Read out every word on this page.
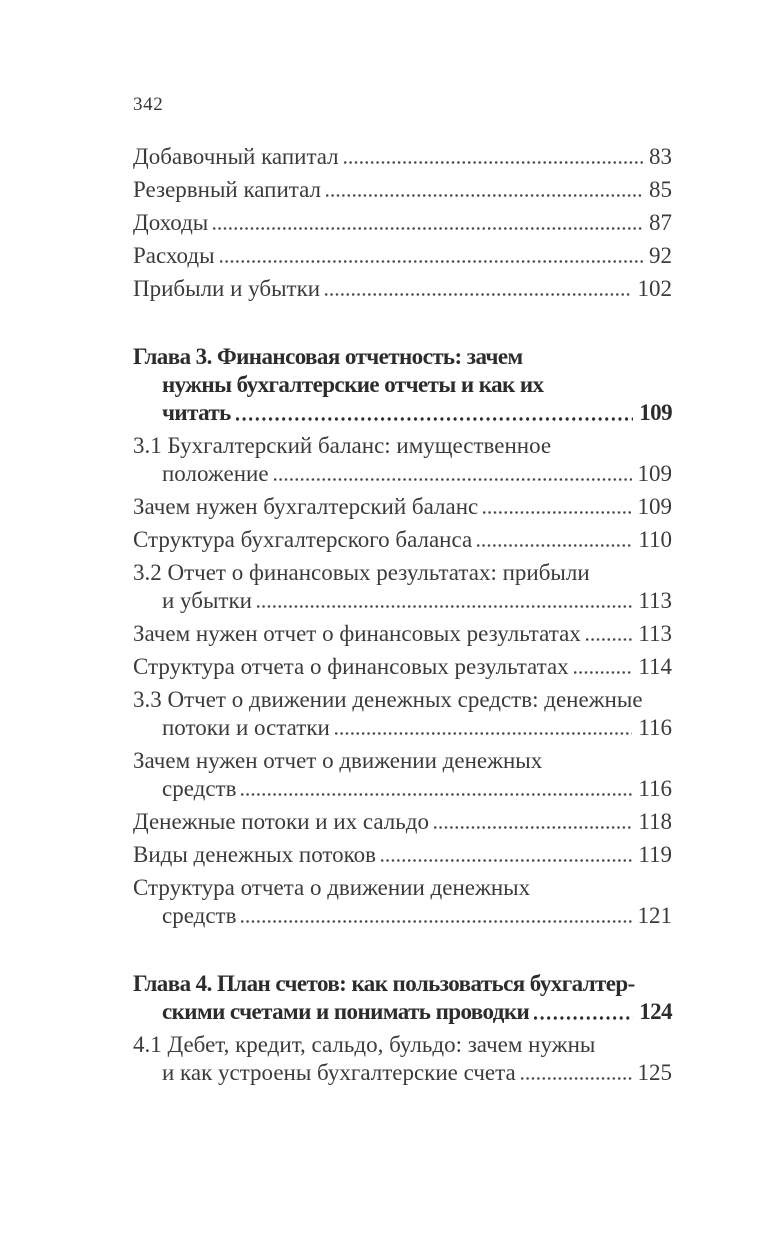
342
Добавочный капитал	83
Резервный капитал	85
Доходы	87
Расходы	92
Прибыли и убытки	102
Глава 3. Финансовая отчетность: зачем
нужны бухгалтерские отчеты и как их
читать	109
3.1 Бухгалтерский баланс: имущественное
положение	109
Зачем нужен бухгалтерский баланс	109
Структура бухгалтерского баланса	110
3.2 Отчет о финансовых результатах: прибыли
и убытки	113
Зачем нужен отчет о финансовых результатах	113
Структура отчета о финансовых результатах	114
3.3 Отчет о движении денежных средств: денежные
потоки и остатки	116
Зачем нужен отчет о движении денежных
средств	116
Денежные потоки и их сальдо	118
Виды денежных потоков	119
Структура отчета о движении денежных
средств	121
Глава 4. План счетов: как пользоваться бухгалтер-
скими счетами и понимать проводки	124
4.1 Дебет, кредит, сальдо, бульдо: зачем нужны
и как устроены бухгалтерские счета	125
